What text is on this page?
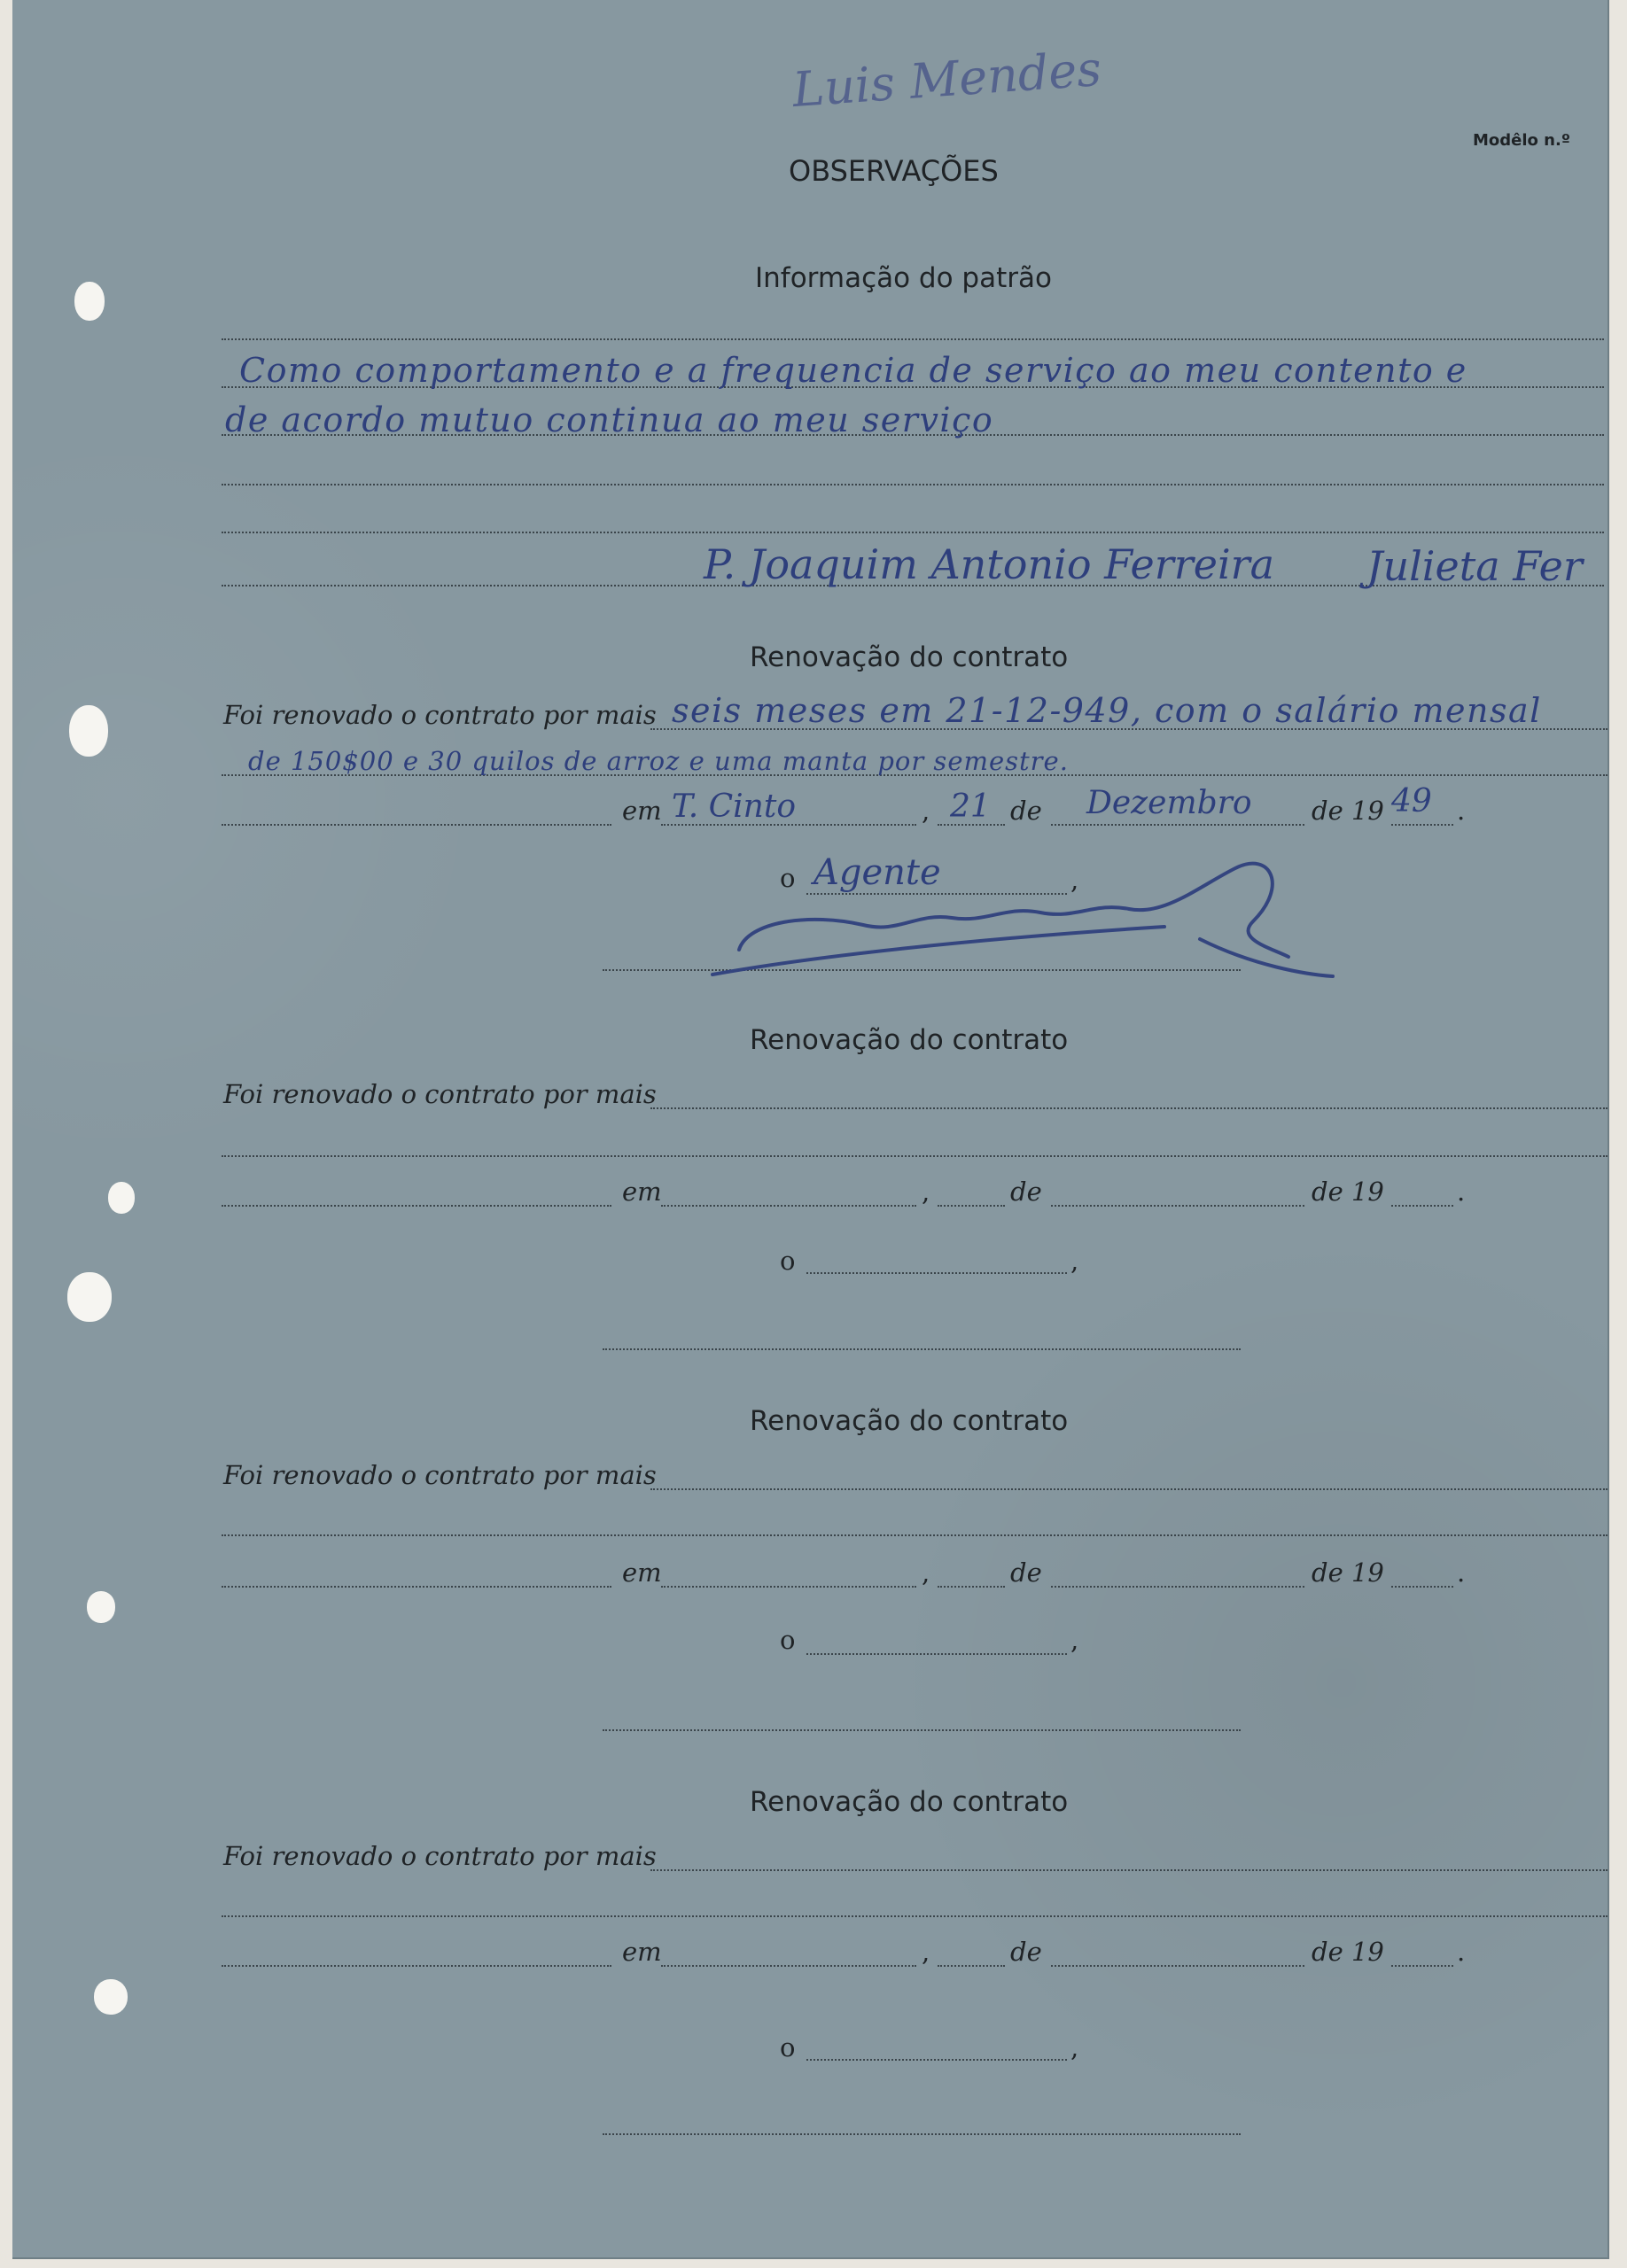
Modêlo n.º
Luis Mendes
OBSERVAÇÕES
Informação do patrão
Como comportamento e a frequencia de serviço ao meu contento e
de acordo mutuo continua ao meu serviço
P. Joaquim Antonio Ferreira Julieta Fer
Renovação do contrato
Foi renovado o contrato por mais seis meses em 21-12-949, com o salário mensal
de 150$00 e 30 quilos de arroz e uma manta por semestre.
em T. Cinto	, 21 de Dezembro de 19 49 .
o Agente	,
Renovação do contrato
Foi renovado o contrato por mais
em	,	de	de 19	.
o	,
Renovação do contrato
Foi renovado o contrato por mais
em	,	de	de 19	.
o	,
Renovação do contrato
Foi renovado o contrato por mais
em	,	de	de 19	.
o	,
